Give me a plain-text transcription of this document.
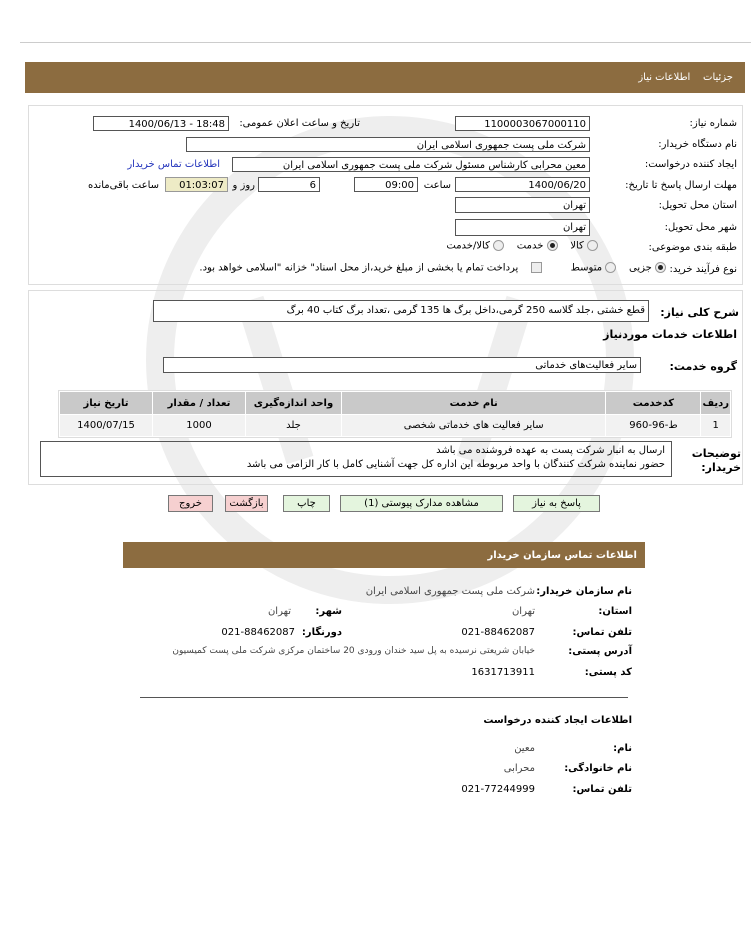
جزئیات    اطلاعات نیاز
شماره نیاز:
1100003067000110
تاریخ و ساعت اعلان عمومی:
1400/06/13 - 18:48
نام دستگاه خریدار:
شرکت ملی پست جمهوری اسلامی ایران
ایجاد کننده درخواست:
معین محرابی کارشناس مسئول شرکت ملی پست جمهوری اسلامی ایران
اطلاعات تماس خریدار
مهلت ارسال پاسخ تا تاریخ:
1400/06/20
ساعت
09:00
6
روز و
01:03:07
ساعت باقی‌مانده
استان محل تحویل:
تهران
شهر محل تحویل:
تهران
طبقه بندی موضوعی:
کالا     خدمت     کالا/خدمت
نوع فرآیند خرید:
جزیی     متوسط             پرداخت تمام یا بخشی از مبلغ خرید،از محل اسناد" خزانه "اسلامی خواهد بود.
شرح کلی نیاز:
قطع خشتی ،جلد گلاسه 250 گرمی،داخل برگ ها 135 گرمی ،تعداد برگ کتاب 40 برگ
اطلاعات خدمات موردنیاز
گروه خدمت:
سایر فعالیت‌های خدماتی
ردیف	کدخدمت	نام خدمت	واحد اندازه‌گیری	تعداد / مقدار	تاریخ نیاز
1	ط-96-960	سایر فعالیت های خدماتی شخصی	جلد	1000	1400/07/15
توضیحات خریدار:
ارسال به انبار شرکت پست به عهده فروشنده می باشد
حضور نماینده شرکت کنندگان با واحد مربوطه این اداره کل جهت آشنایی کامل با کار الزامی می باشد
پاسخ به نیاز
مشاهده مدارک پیوستی (1)
چاپ
بازگشت
خروج
اطلاعات تماس سازمان خریدار
نام سازمان خریدار:
شرکت ملی پست جمهوری اسلامی ایران
استان:
تهران
شهر:
تهران
تلفن تماس:
021-88462087
دورنگار:
021-88462087
آدرس پستی:
خیابان شریعتی نرسیده به پل سید خندان ورودی 20 ساختمان مرکزی شرکت ملی پست کمیسیون
کد پستی:
1631713911
اطلاعات ایجاد کننده درخواست
نام:
معین
نام خانوادگی:
محرابی
تلفن تماس:
021-77244999
